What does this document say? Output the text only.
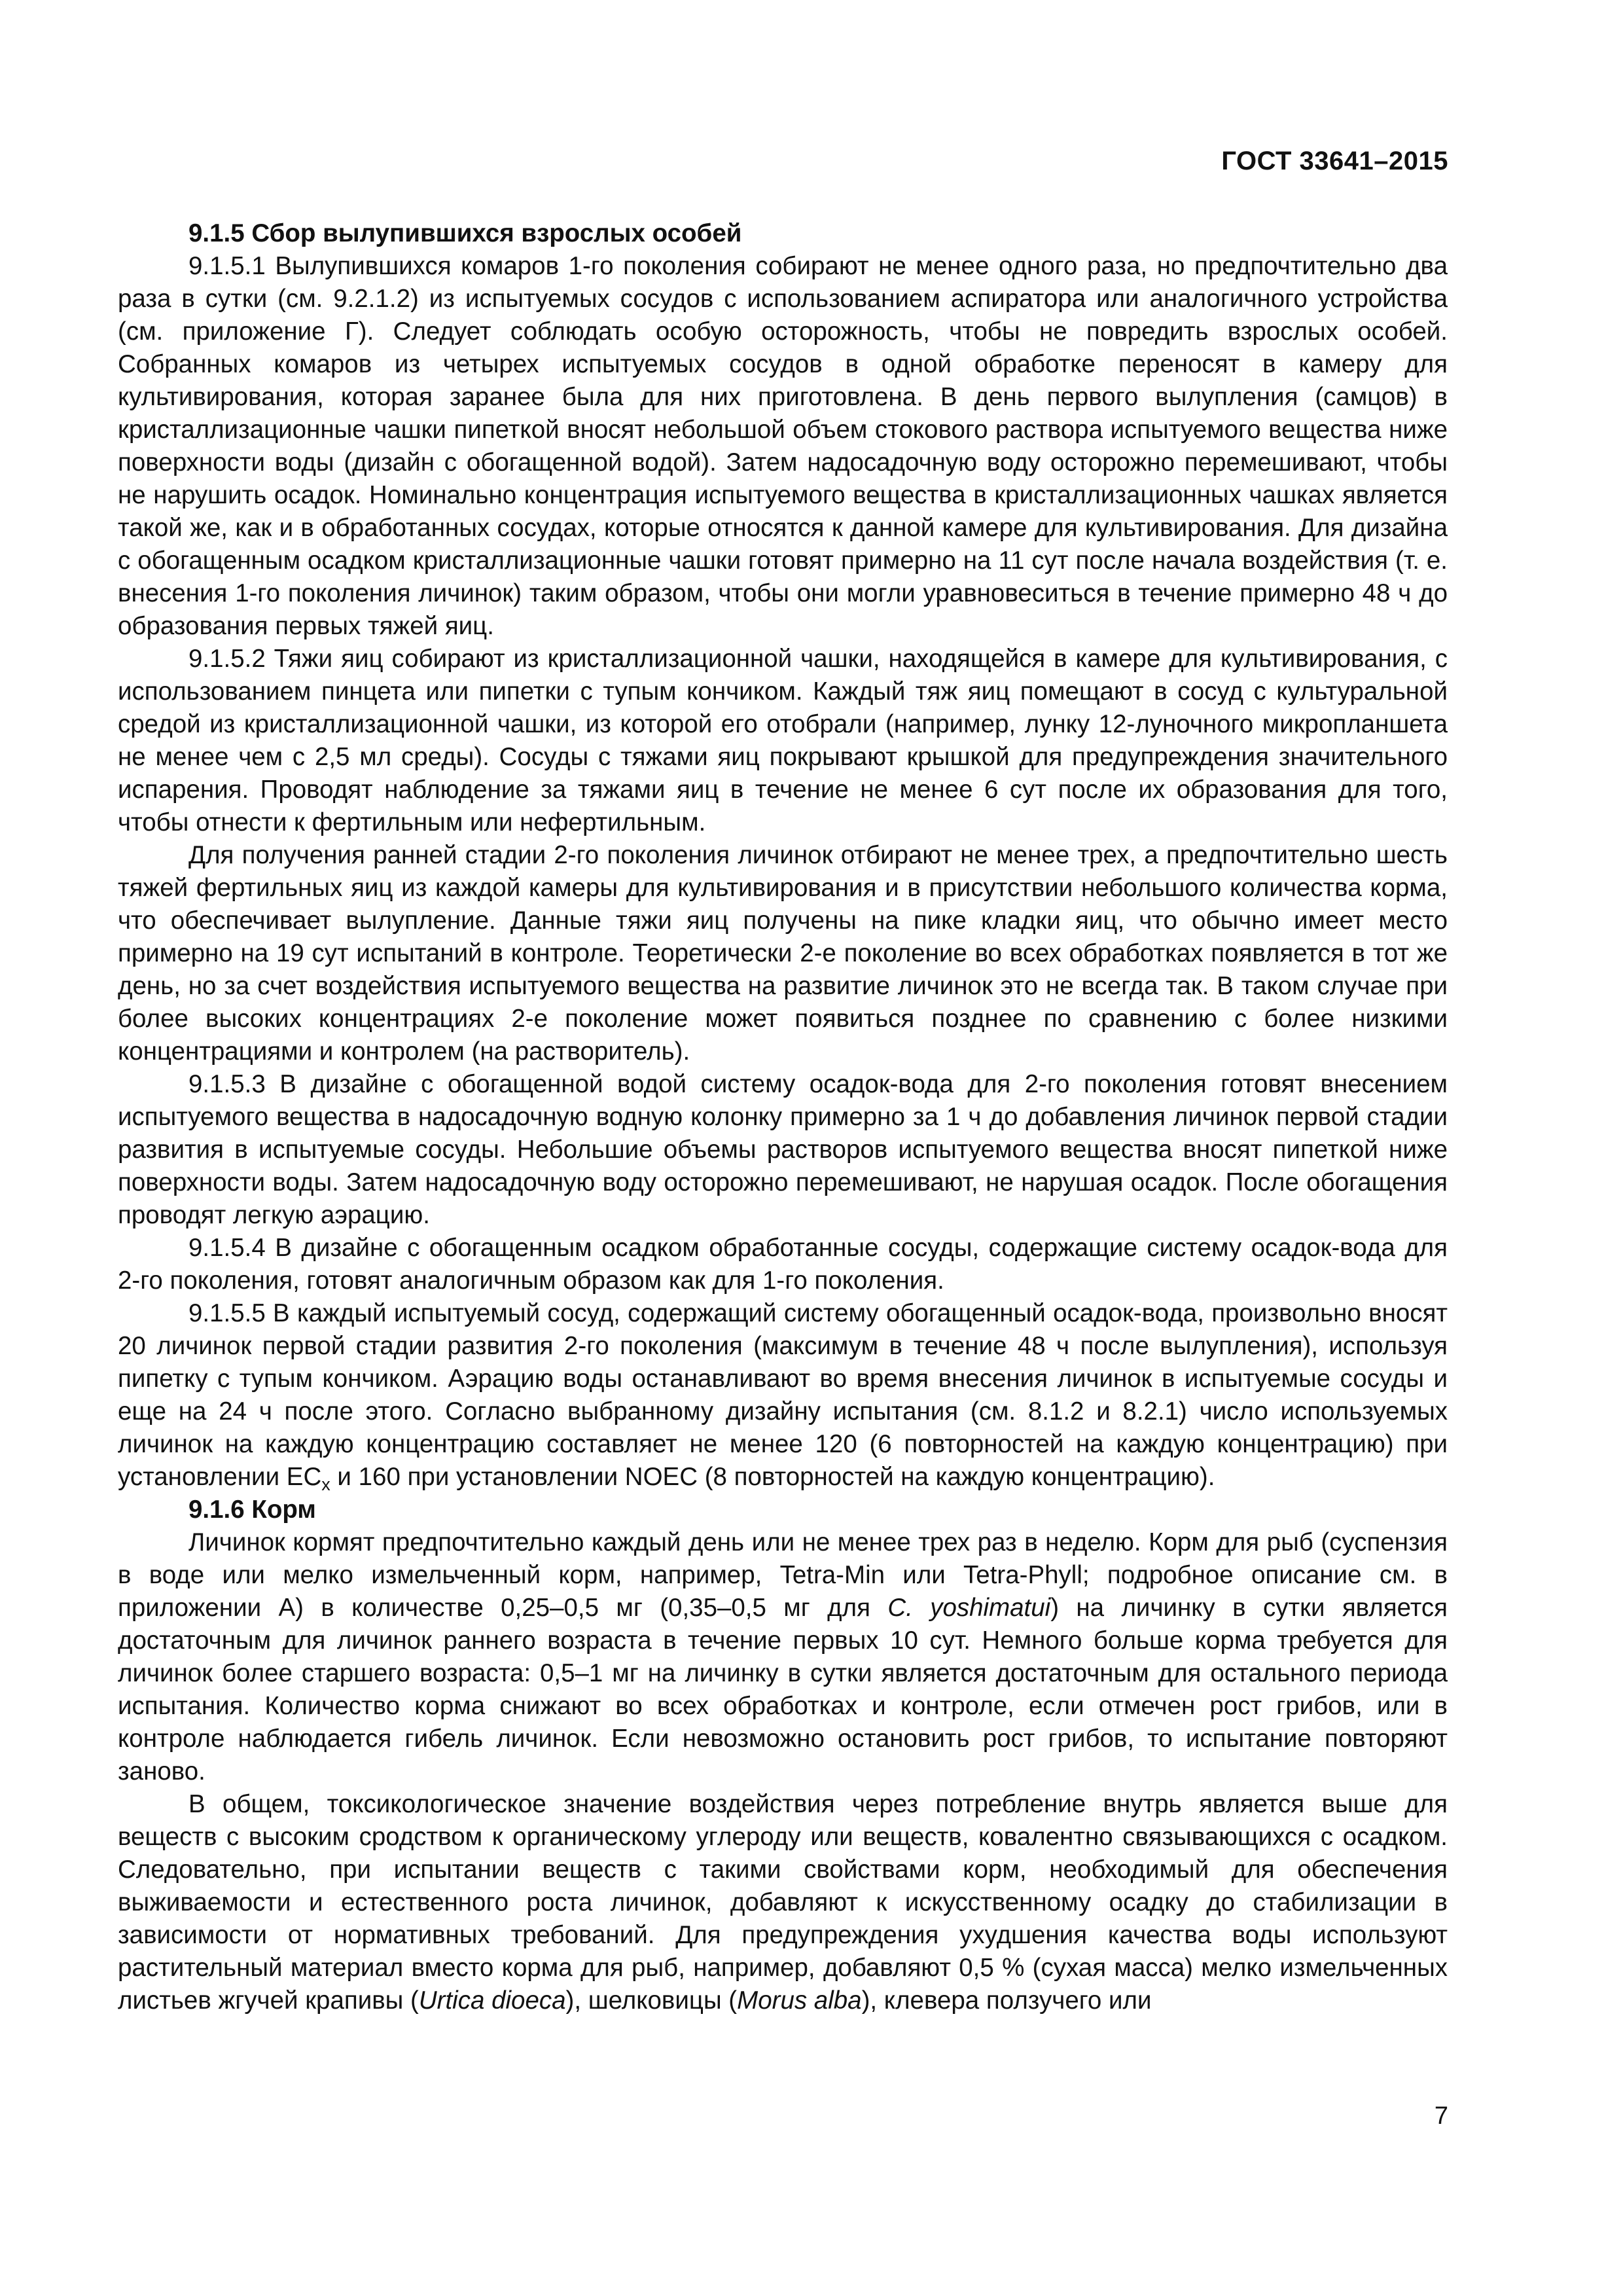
ГОСТ 33641–2015

9.1.5 Сбор вылупившихся взрослых особей

9.1.5.1 Вылупившихся комаров 1-го поколения собирают не менее одного раза, но предпочтительно два раза в сутки (см. 9.2.1.2) из испытуемых сосудов с использованием аспиратора или аналогичного устройства (см. приложение Г). Следует соблюдать особую осторожность, чтобы не повредить взрослых особей. Собранных комаров из четырех испытуемых сосудов в одной обработке переносят в камеру для культивирования, которая заранее была для них приготовлена. В день первого вылупления (самцов) в кристаллизационные чашки пипеткой вносят небольшой объем стокового раствора испытуемого вещества ниже поверхности воды (дизайн с обогащенной водой). Затем надосадочную воду осторожно перемешивают, чтобы не нарушить осадок. Номинально концентрация испытуемого вещества в кристаллизационных чашках является такой же, как и в обработанных сосудах, которые относятся к данной камере для культивирования. Для дизайна с обогащенным осадком кристаллизационные чашки готовят примерно на 11 сут после начала воздействия (т. е. внесения 1-го поколения личинок) таким образом, чтобы они могли уравновеситься в течение примерно 48 ч до образования первых тяжей яиц.

9.1.5.2 Тяжи яиц собирают из кристаллизационной чашки, находящейся в камере для культивирования, с использованием пинцета или пипетки с тупым кончиком. Каждый тяж яиц помещают в сосуд с культуральной средой из кристаллизационной чашки, из которой его отобрали (например, лунку 12-луночного микропланшета не менее чем с 2,5 мл среды). Сосуды с тяжами яиц покрывают крышкой для предупреждения значительного испарения. Проводят наблюдение за тяжами яиц в течение не менее 6 сут после их образования для того, чтобы отнести к фертильным или нефертильным.

Для получения ранней стадии 2-го поколения личинок отбирают не менее трех, а предпочтительно шесть тяжей фертильных яиц из каждой камеры для культивирования и в присутствии небольшого количества корма, что обеспечивает вылупление. Данные тяжи яиц получены на пике кладки яиц, что обычно имеет место примерно на 19 сут испытаний в контроле. Теоретически 2-е поколение во всех обработках появляется в тот же день, но за счет воздействия испытуемого вещества на развитие личинок это не всегда так. В таком случае при более высоких концентрациях 2-е поколение может появиться позднее по сравнению с более низкими концентрациями и контролем (на растворитель).

9.1.5.3 В дизайне с обогащенной водой систему осадок-вода для 2-го поколения готовят внесением испытуемого вещества в надосадочную водную колонку примерно за 1 ч до добавления личинок первой стадии развития в испытуемые сосуды. Небольшие объемы растворов испытуемого вещества вносят пипеткой ниже поверхности воды. Затем надосадочную воду осторожно перемешивают, не нарушая осадок. После обогащения проводят легкую аэрацию.

9.1.5.4 В дизайне с обогащенным осадком обработанные сосуды, содержащие систему осадок-вода для 2-го поколения, готовят аналогичным образом как для 1-го поколения.

9.1.5.5 В каждый испытуемый сосуд, содержащий систему обогащенный осадок-вода, произвольно вносят 20 личинок первой стадии развития 2-го поколения (максимум в течение 48 ч после вылупления), используя пипетку с тупым кончиком. Аэрацию воды останавливают во время внесения личинок в испытуемые сосуды и еще на 24 ч после этого. Согласно выбранному дизайну испытания (см. 8.1.2 и 8.2.1) число используемых личинок на каждую концентрацию составляет не менее 120 (6 повторностей на каждую концентрацию) при установлении $EC_x$ и 160 при установлении NOEC (8 повторностей на каждую концентрацию).

9.1.6 Корм

Личинок кормят предпочтительно каждый день или не менее трех раз в неделю. Корм для рыб (суспензия в воде или мелко измельченный корм, например, Tetra-Min или Tetra-Phyll; подробное описание см. в приложении А) в количестве 0,25–0,5 мг (0,35–0,5 мг для C. yoshimatui) на личинку в сутки является достаточным для личинок раннего возраста в течение первых 10 сут. Немного больше корма требуется для личинок более старшего возраста: 0,5–1 мг на личинку в сутки является достаточным для остального периода испытания. Количество корма снижают во всех обработках и контроле, если отмечен рост грибов, или в контроле наблюдается гибель личинок. Если невозможно остановить рост грибов, то испытание повторяют заново.

В общем, токсикологическое значение воздействия через потребление внутрь является выше для веществ с высоким сродством к органическому углероду или веществ, ковалентно связывающихся с осадком. Следовательно, при испытании веществ с такими свойствами корм, необходимый для обеспечения выживаемости и естественного роста личинок, добавляют к искусственному осадку до стабилизации в зависимости от нормативных требований. Для предупреждения ухудшения качества воды используют растительный материал вместо корма для рыб, например, добавляют 0,5 % (сухая масса) мелко измельченных листьев жгучей крапивы (Urtica dioeca), шелковицы (Morus alba), клевера ползучего или

7
